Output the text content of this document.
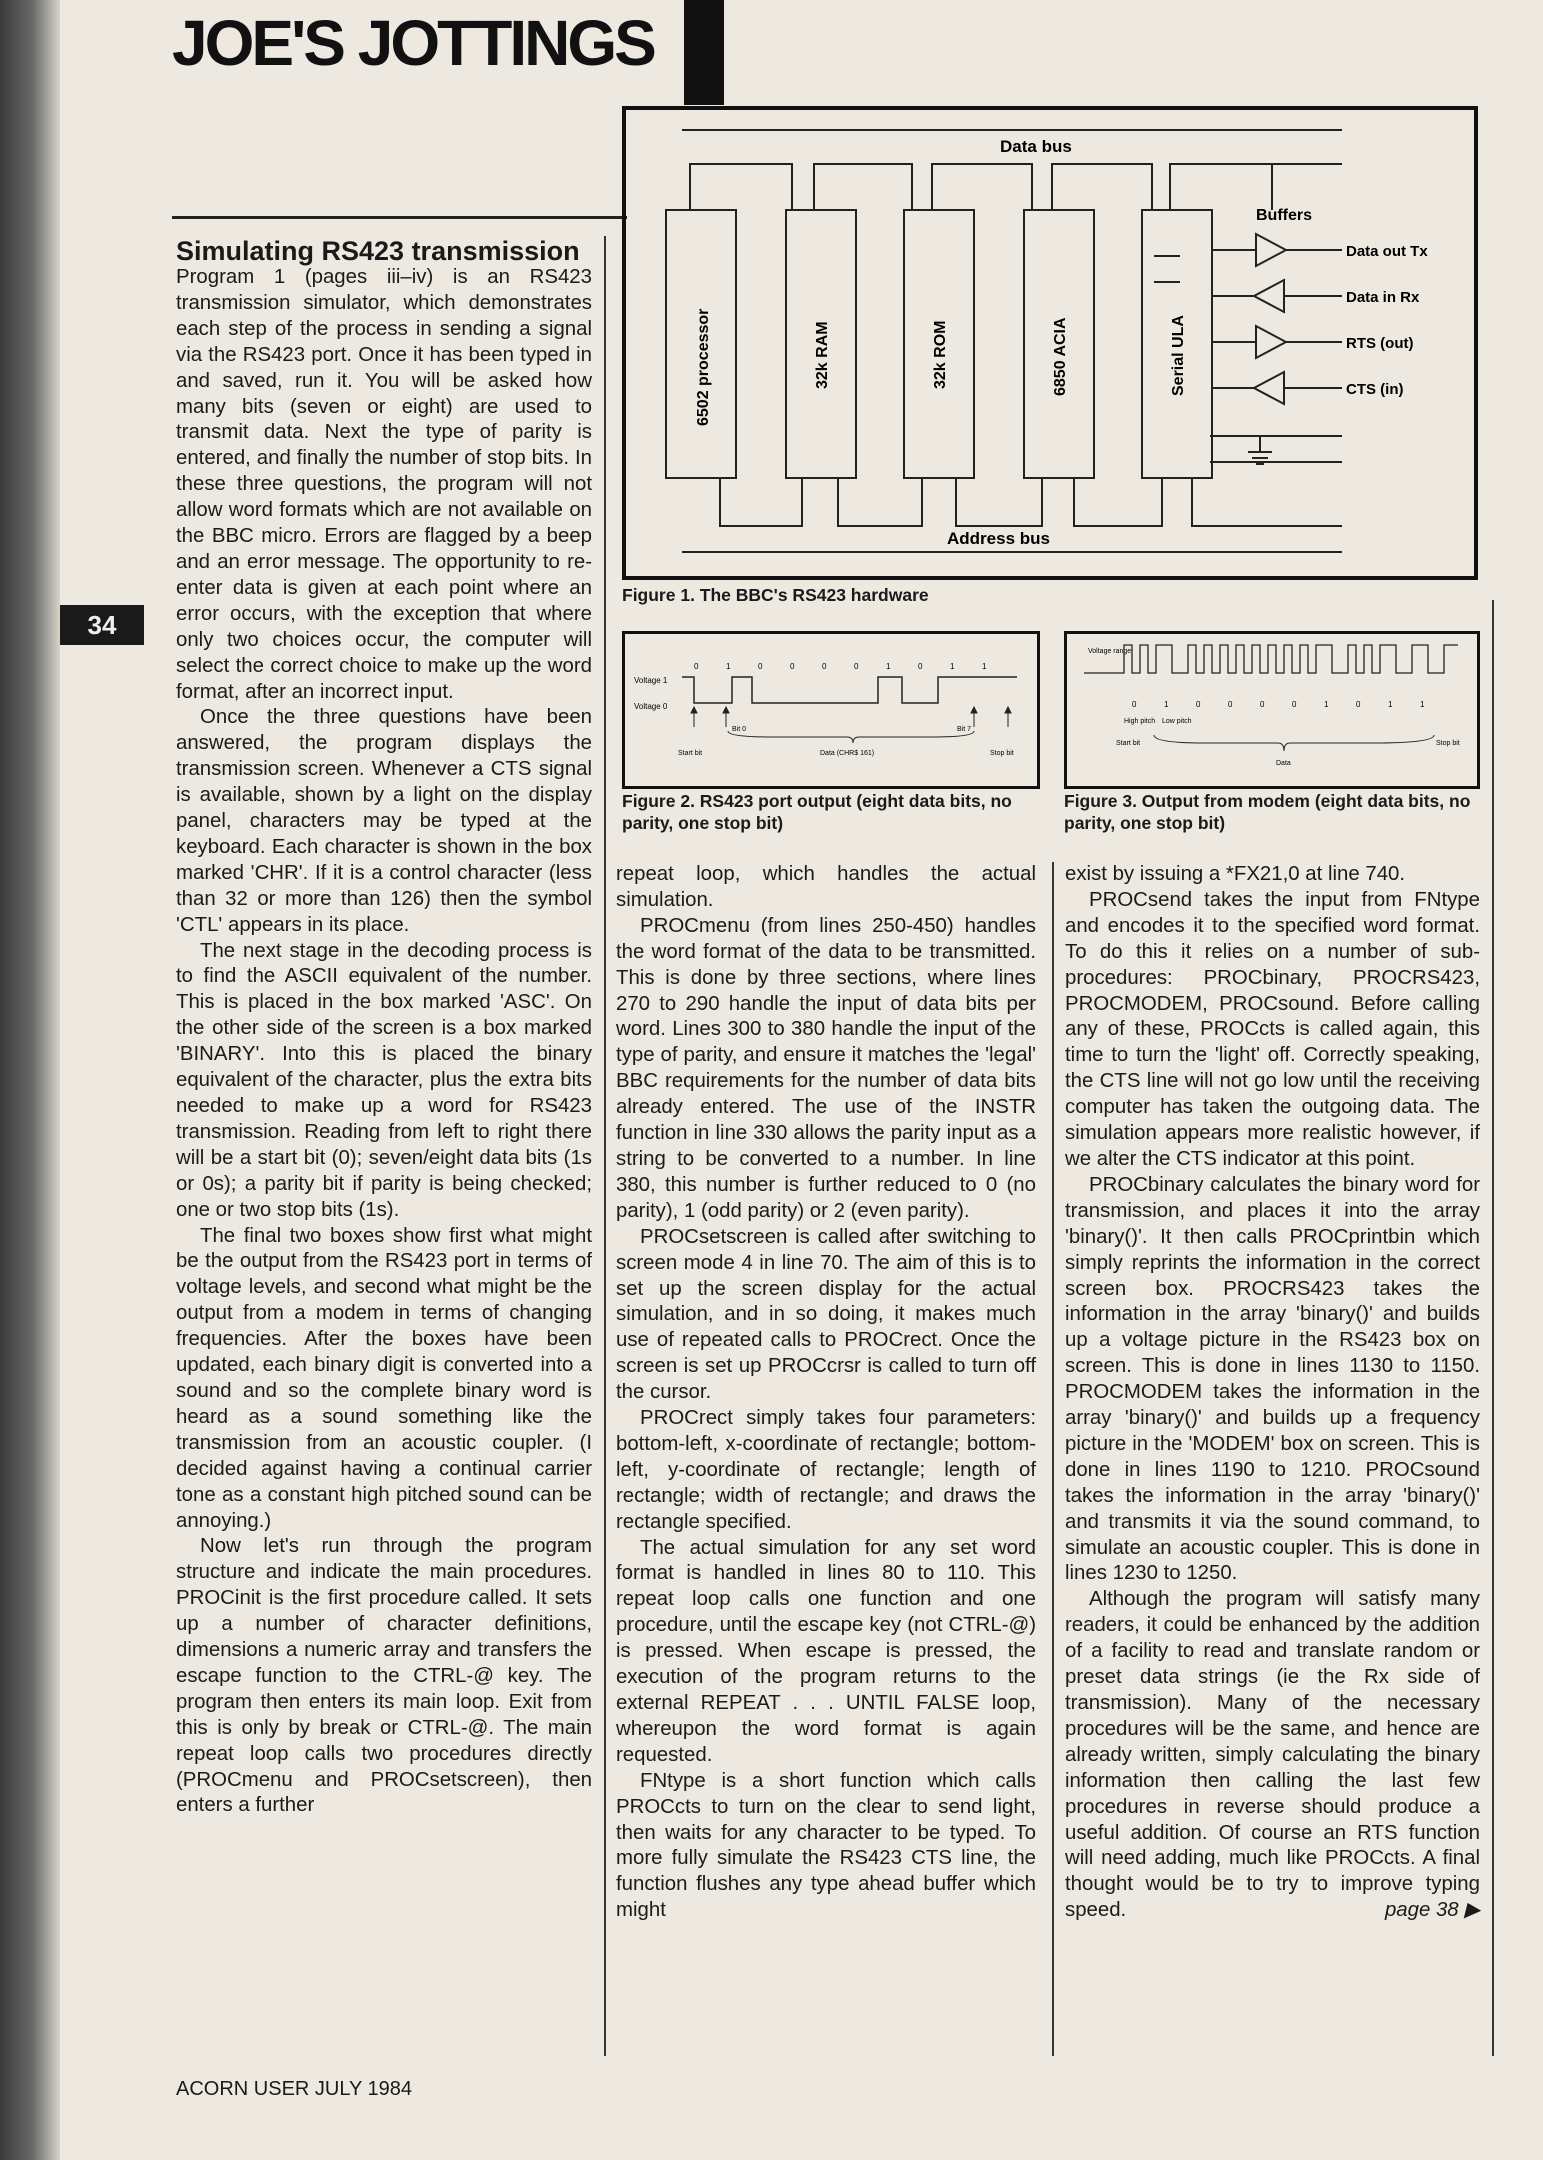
JOE'S JOTTINGS
34
Simulating RS423 transmission

Program 1 (pages iii–iv) is an RS423 transmission simulator, which demonstrates each step of the process in sending a signal via the RS423 port. Once it has been typed in and saved, run it. You will be asked how many bits (seven or eight) are used to transmit data. Next the type of parity is entered, and finally the number of stop bits. In these three questions, the program will not allow word formats which are not available on the BBC micro. Errors are flagged by a beep and an error message. The opportunity to re-enter data is given at each point where an error occurs, with the exception that where only two choices occur, the computer will select the correct choice to make up the word format, after an incorrect input.

Once the three questions have been answered, the program displays the transmission screen. Whenever a CTS signal is available, shown by a light on the display panel, characters may be typed at the keyboard. Each character is shown in the box marked 'CHR'. If it is a control character (less than 32 or more than 126) then the symbol 'CTL' appears in its place.

The next stage in the decoding process is to find the ASCII equivalent of the number. This is placed in the box marked 'ASC'. On the other side of the screen is a box marked 'BINARY'. Into this is placed the binary equivalent of the character, plus the extra bits needed to make up a word for RS423 transmission. Reading from left to right there will be a start bit (0); seven/eight data bits (1s or 0s); a parity bit if parity is being checked; one or two stop bits (1s).

The final two boxes show first what might be the output from the RS423 port in terms of voltage levels, and second what might be the output from a modem in terms of changing frequencies. After the boxes have been updated, each binary digit is converted into a sound and so the complete binary word is heard as a sound something like the transmission from an acoustic coupler. (I decided against having a continual carrier tone as a constant high pitched sound can be annoying.)

Now let's run through the program structure and indicate the main procedures. PROCinit is the first procedure called. It sets up a number of character definitions, dimensions a numeric array and transfers the escape function to the CTRL-@ key. The program then enters its main loop. Exit from this is only by break or CTRL-@. The main repeat loop calls two procedures directly (PROCmenu and PROCsetscreen), then enters a further

Data bus
Address bus
Buffers
6502 processor	32k RAM	32k ROM	6850 ACIA	Serial ULA
Data out Tx
Data in Rx
RTS (out)
CTS (in)

Figure 1. The BBC's RS423 hardware

Voltage 1
Voltage 0
0	1	0	0	0	0	1	0	1	1
Bit 0	Bit 7
Start bit	Data (CHR$ 161)	Stop bit

Figure 2. RS423 port output (eight data bits, no parity, one stop bit)

Voltage range
0	1	0	0	0	0	1	0	1	1
High pitch Low pitch
Start bit	Stop bit
Data

Figure 3. Output from modem (eight data bits, no parity, one stop bit)

repeat loop, which handles the actual simulation.

PROCmenu (from lines 250-450) handles the word format of the data to be transmitted. This is done by three sections, where lines 270 to 290 handle the input of data bits per word. Lines 300 to 380 handle the input of the type of parity, and ensure it matches the 'legal' BBC requirements for the number of data bits already entered. The use of the INSTR function in line 330 allows the parity input as a string to be converted to a number. In line 380, this number is further reduced to 0 (no parity), 1 (odd parity) or 2 (even parity).

PROCsetscreen is called after switching to screen mode 4 in line 70. The aim of this is to set up the screen display for the actual simulation, and in so doing, it makes much use of repeated calls to PROCrect. Once the screen is set up PROCcrsr is called to turn off the cursor.

PROCrect simply takes four parameters: bottom-left, x-coordinate of rectangle; bottom-left, y-coordinate of rectangle; length of rectangle; width of rectangle; and draws the rectangle specified.

The actual simulation for any set word format is handled in lines 80 to 110. This repeat loop calls one function and one procedure, until the escape key (not CTRL-@) is pressed. When escape is pressed, the execution of the program returns to the external REPEAT . . . UNTIL FALSE loop, whereupon the word format is again requested.

FNtype is a short function which calls PROCcts to turn on the clear to send light, then waits for any character to be typed. To more fully simulate the RS423 CTS line, the function flushes any type ahead buffer which might

exist by issuing a *FX21,0 at line 740.

PROCsend takes the input from FNtype and encodes it to the specified word format. To do this it relies on a number of sub-procedures: PROCbinary, PROCRS423, PROCMODEM, PROCsound. Before calling any of these, PROCcts is called again, this time to turn the 'light' off. Correctly speaking, the CTS line will not go low until the receiving computer has taken the outgoing data. The simulation appears more realistic however, if we alter the CTS indicator at this point.

PROCbinary calculates the binary word for transmission, and places it into the array 'binary()'. It then calls PROCprintbin which simply reprints the information in the correct screen box. PROCRS423 takes the information in the array 'binary()' and builds up a voltage picture in the RS423 box on screen. This is done in lines 1130 to 1150. PROCMODEM takes the information in the array 'binary()' and builds up a frequency picture in the 'MODEM' box on screen. This is done in lines 1190 to 1210. PROCsound takes the information in the array 'binary()' and transmits it via the sound command, to simulate an acoustic coupler. This is done in lines 1230 to 1250.

Although the program will satisfy many readers, it could be enhanced by the addition of a facility to read and translate random or preset data strings (ie the Rx side of transmission). Many of the necessary procedures will be the same, and hence are already written, simply calculating the binary information then calling the last few procedures in reverse should produce a useful addition. Of course an RTS function will need adding, much like PROCcts. A final thought would be to try to improve typing speed.	page 38 ▶

ACORN USER JULY 1984
